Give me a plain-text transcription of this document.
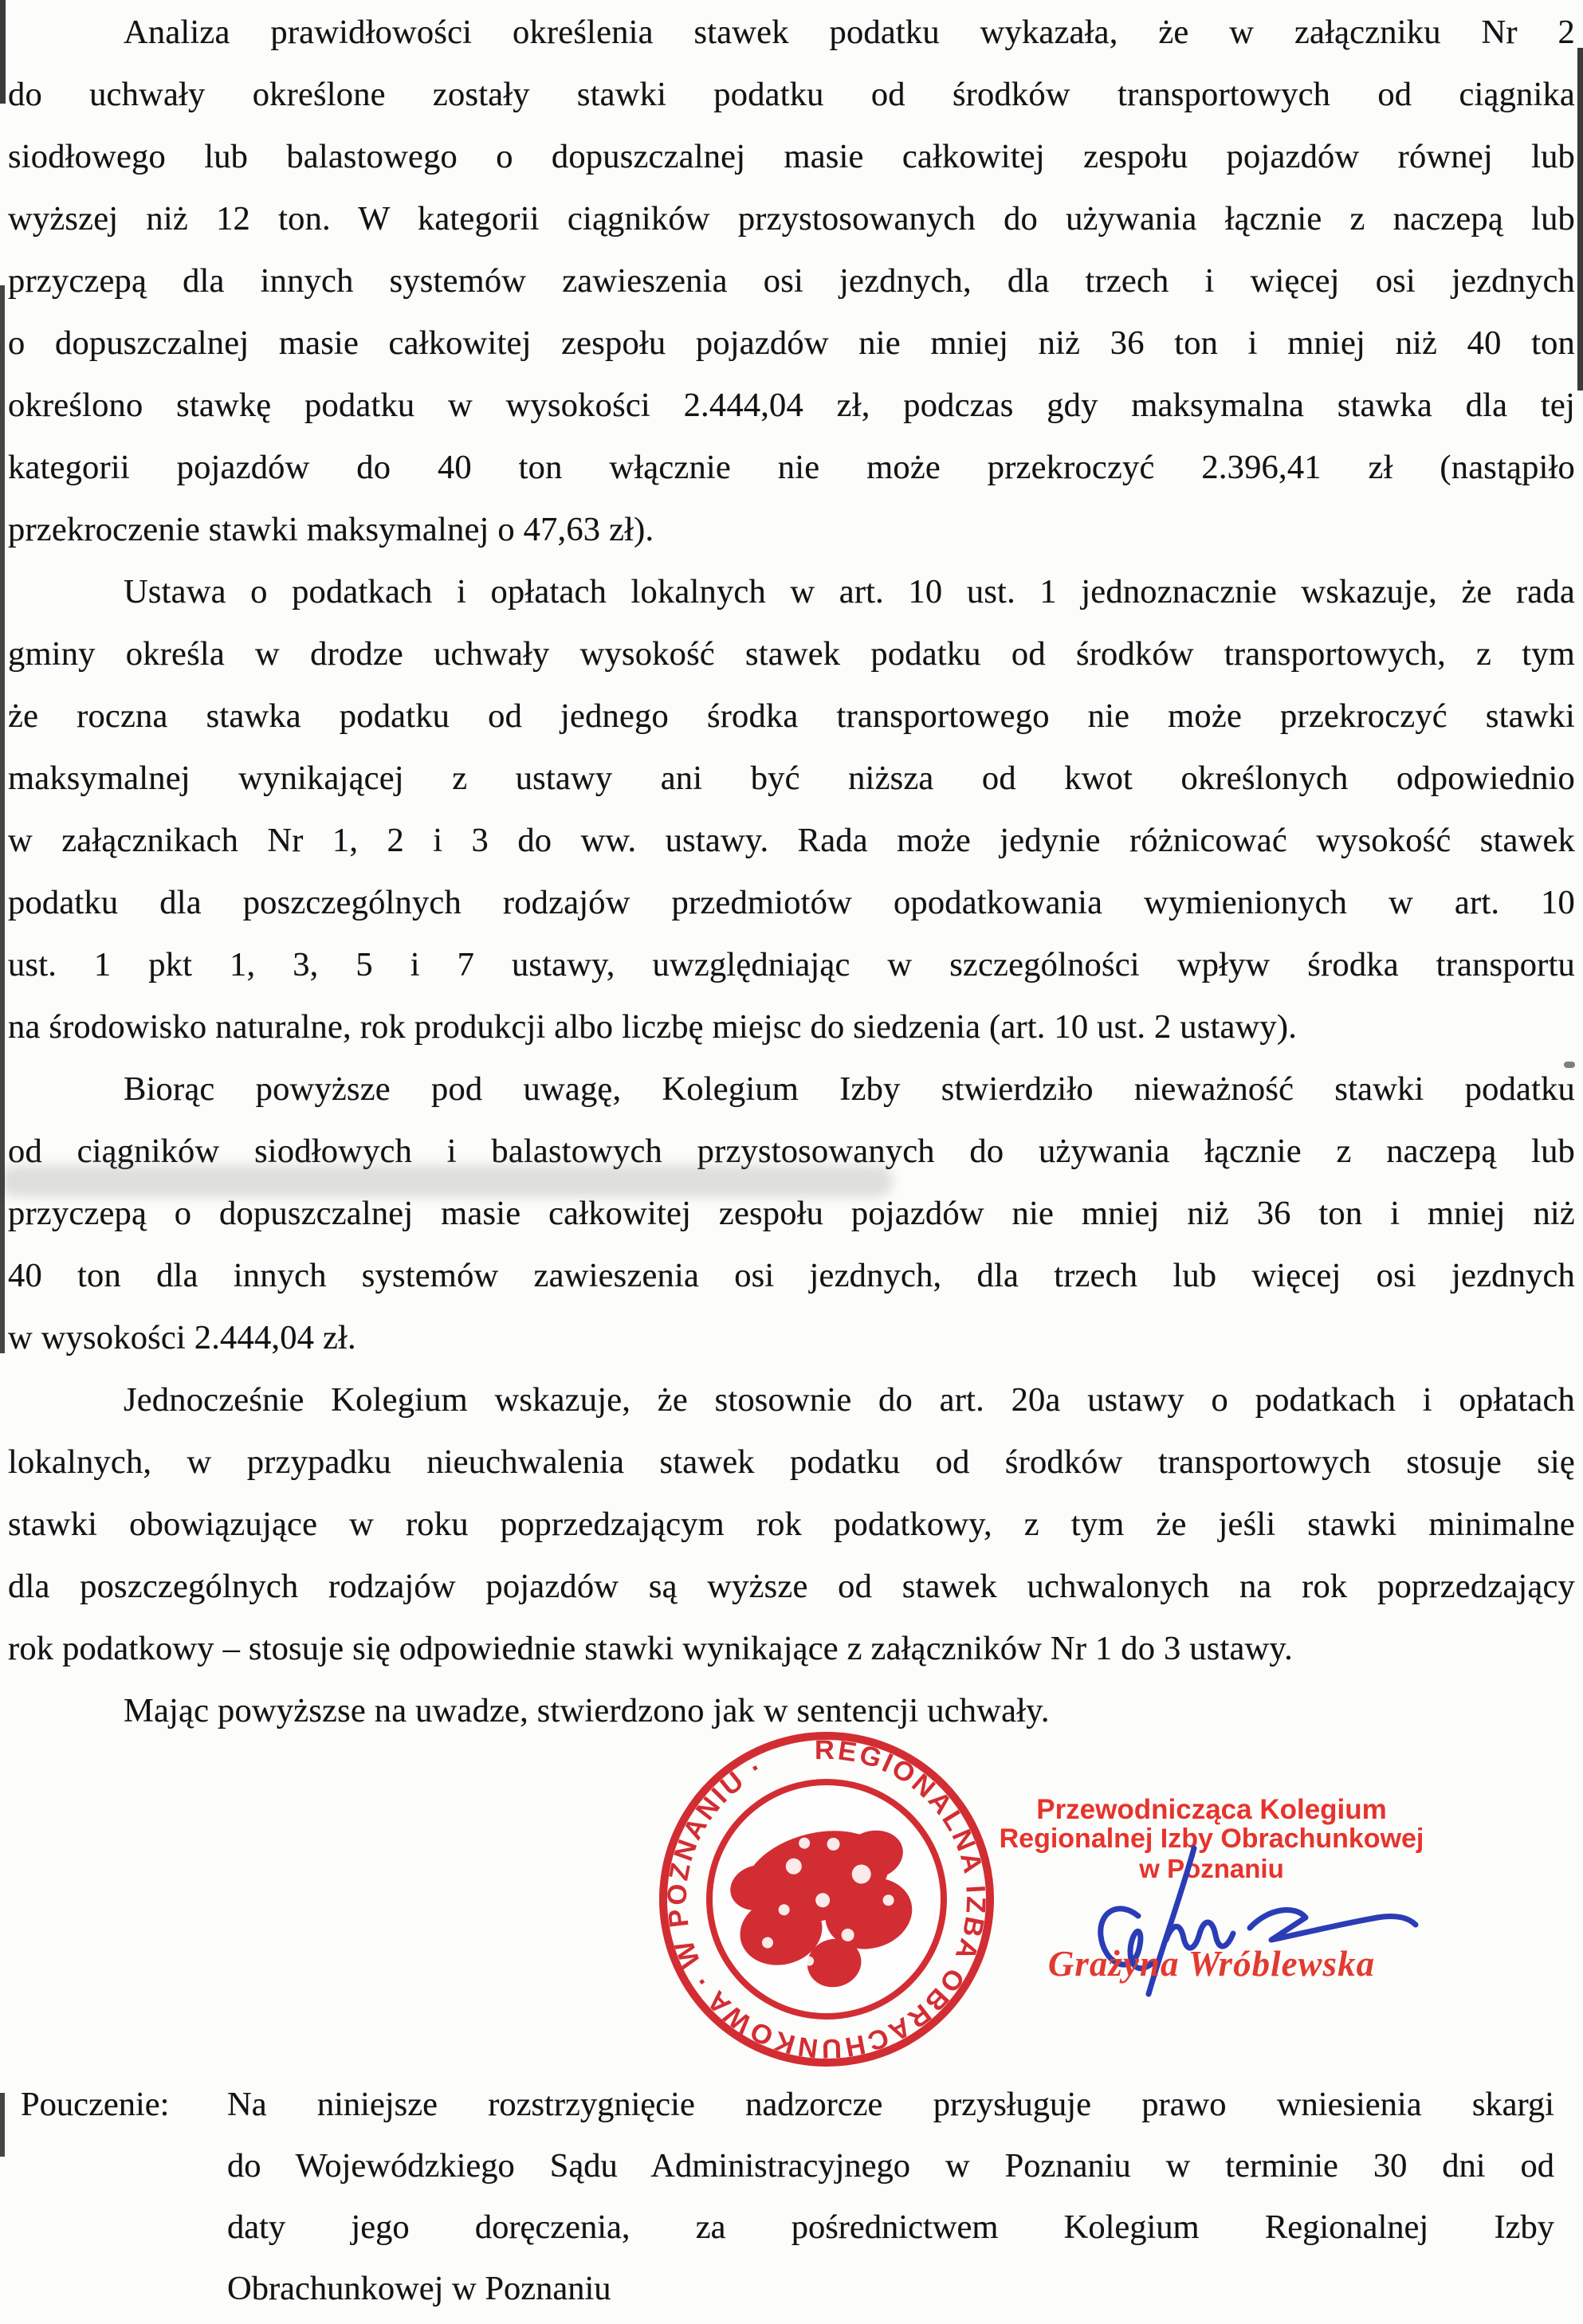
Analiza prawidłowości określenia stawek podatku wykazała, że w załączniku Nr 2
do uchwały określone zostały stawki podatku od środków transportowych od ciągnika
siodłowego lub balastowego o dopuszczalnej masie całkowitej zespołu pojazdów równej lub
wyższej niż 12 ton. W kategorii ciągników przystosowanych do używania łącznie z naczepą lub
przyczepą dla innych systemów zawieszenia osi jezdnych, dla trzech i więcej osi jezdnych
o dopuszczalnej masie całkowitej zespołu pojazdów nie mniej niż 36 ton i mniej niż 40 ton
określono stawkę podatku w wysokości 2.444,04 zł, podczas gdy maksymalna stawka dla tej
kategorii pojazdów do 40 ton włącznie nie może przekroczyć 2.396,41 zł (nastąpiło
przekroczenie stawki maksymalnej o 47,63 zł).
Ustawa o podatkach i opłatach lokalnych w art. 10 ust. 1 jednoznacznie wskazuje, że rada
gminy określa w drodze uchwały wysokość stawek podatku od środków transportowych, z tym
że roczna stawka podatku od jednego środka transportowego nie może przekroczyć stawki
maksymalnej wynikającej z ustawy ani być niższa od kwot określonych odpowiednio
w załącznikach Nr 1, 2 i 3 do ww. ustawy. Rada może jedynie różnicować wysokość stawek
podatku dla poszczególnych rodzajów przedmiotów opodatkowania wymienionych w art. 10
ust. 1 pkt 1, 3, 5 i 7 ustawy, uwzględniając w szczególności wpływ środka transportu
na środowisko naturalne, rok produkcji albo liczbę miejsc do siedzenia (art. 10 ust. 2 ustawy).
Biorąc powyższe pod uwagę, Kolegium Izby stwierdziło nieważność stawki podatku
od ciągników siodłowych i balastowych przystosowanych do używania łącznie z naczepą lub
przyczepą o dopuszczalnej masie całkowitej zespołu pojazdów nie mniej niż 36 ton i mniej niż
40 ton dla innych systemów zawieszenia osi jezdnych, dla trzech lub więcej osi jezdnych
w wysokości 2.444,04 zł.
Jednocześnie Kolegium wskazuje, że stosownie do art. 20a ustawy o podatkach i opłatach
lokalnych, w przypadku nieuchwalenia stawek podatku od środków transportowych stosuje się
stawki obowiązujące w roku poprzedzającym rok podatkowy, z tym że jeśli stawki minimalne
dla poszczególnych rodzajów pojazdów są wyższe od stawek uchwalonych na rok poprzedzający
rok podatkowy – stosuje się odpowiednie stawki wynikające z załączników Nr 1 do 3 ustawy.
Mając powyższse na uwadze, stwierdzono jak w sentencji uchwały.
REGIONALNA IZBA OBRACHUNKOWA ∙ W POZNANIU ∙
Przewodnicząca Kolegium
Regionalnej Izby Obrachunkowej
w Poznaniu
Grażyna Wróblewska
Pouczenie:	Na niniejsze rozstrzygnięcie nadzorcze przysługuje prawo wniesienia skargi
do Wojewódzkiego Sądu Administracyjnego w Poznaniu w terminie 30 dni od
daty jego doręczenia, za pośrednictwem Kolegium Regionalnej Izby
Obrachunkowej w Poznaniu
